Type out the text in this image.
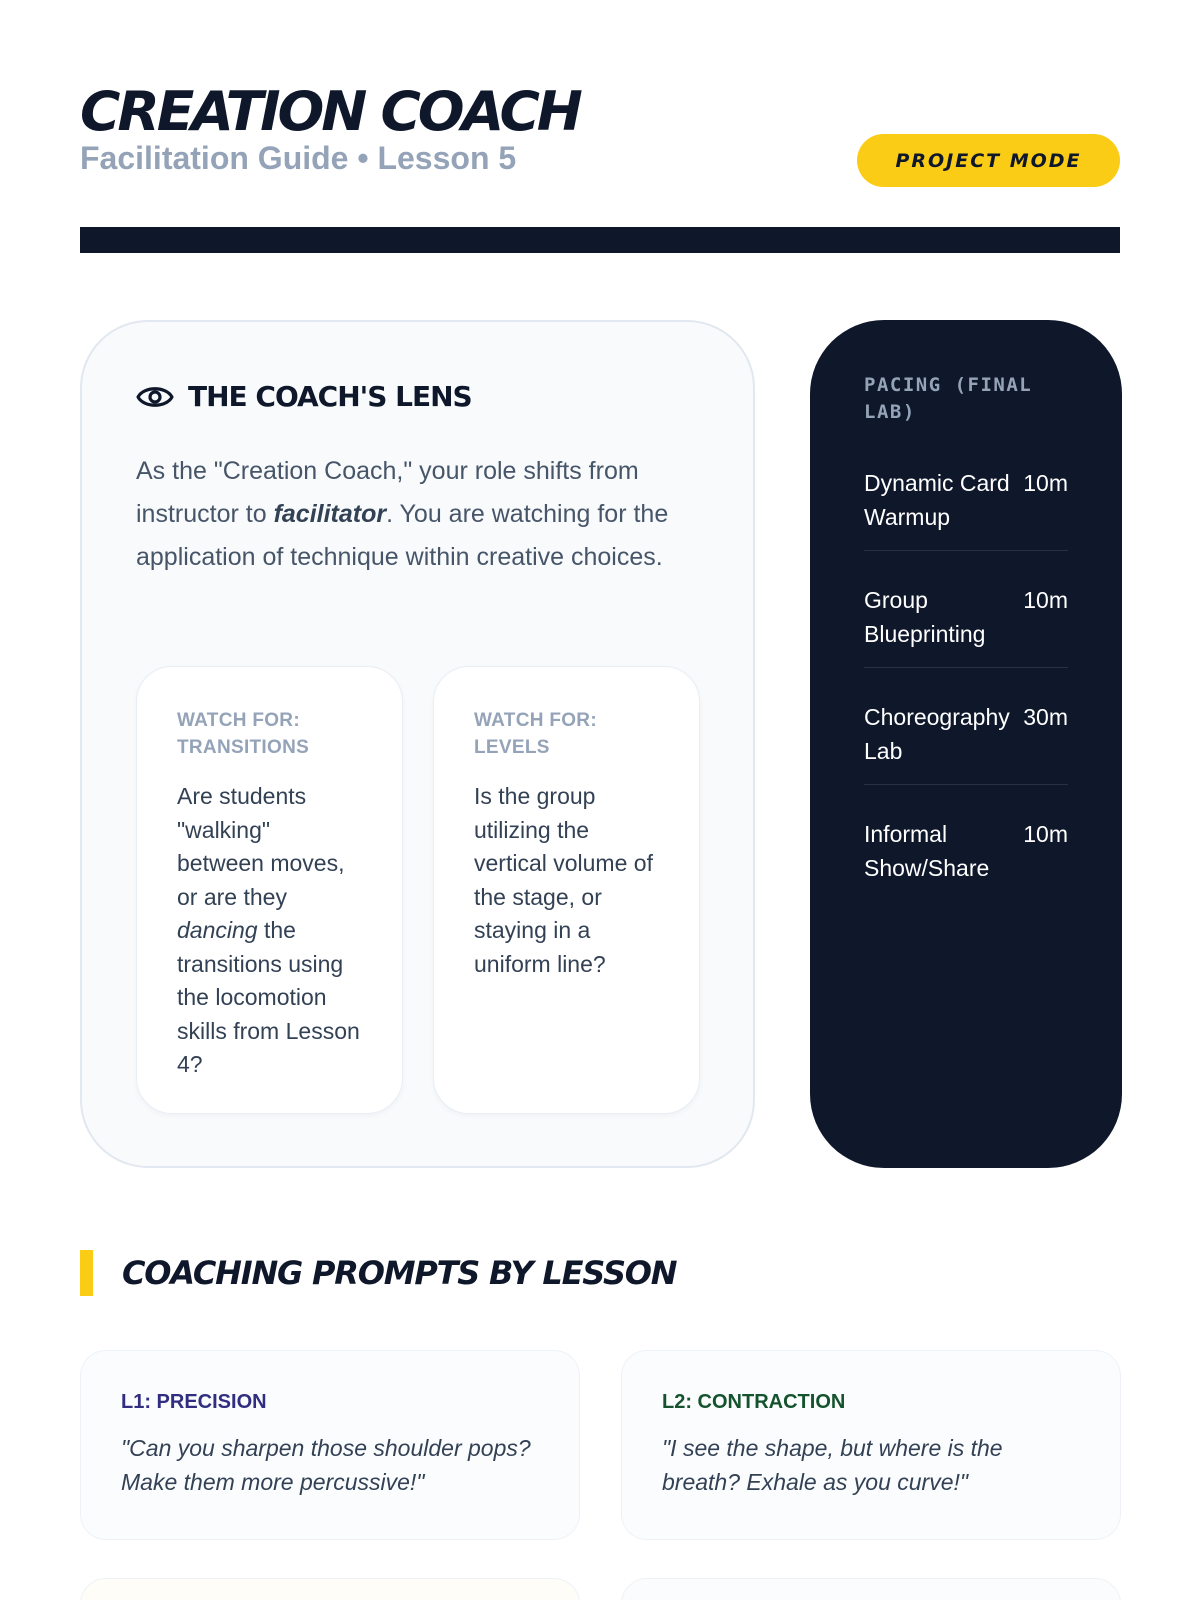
CREATION COACH
Facilitation Guide • Lesson 5	PROJECT MODE
THE COACH'S LENS

As the "Creation Coach," your role shifts from instructor to facilitator. You are watching for the application of technique within creative choices.

WATCH FOR: TRANSITIONS

Are students "walking" between moves, or are they dancing the transitions using the locomotion skills from Lesson 4?

WATCH FOR: LEVELS

Is the group utilizing the vertical volume of the stage, or staying in a uniform line?

PACING (FINAL LAB)
Dynamic Card Warmup
10m
Group Blueprinting
10m
Choreography Lab
30m
Informal Show/Share
10m
COACHING PROMPTS BY LESSON
L1: PRECISION

"Can you sharpen those shoulder pops? Make them more percussive!"

L2: CONTRACTION

"I see the shape, but where is the breath? Exhale as you curve!"
